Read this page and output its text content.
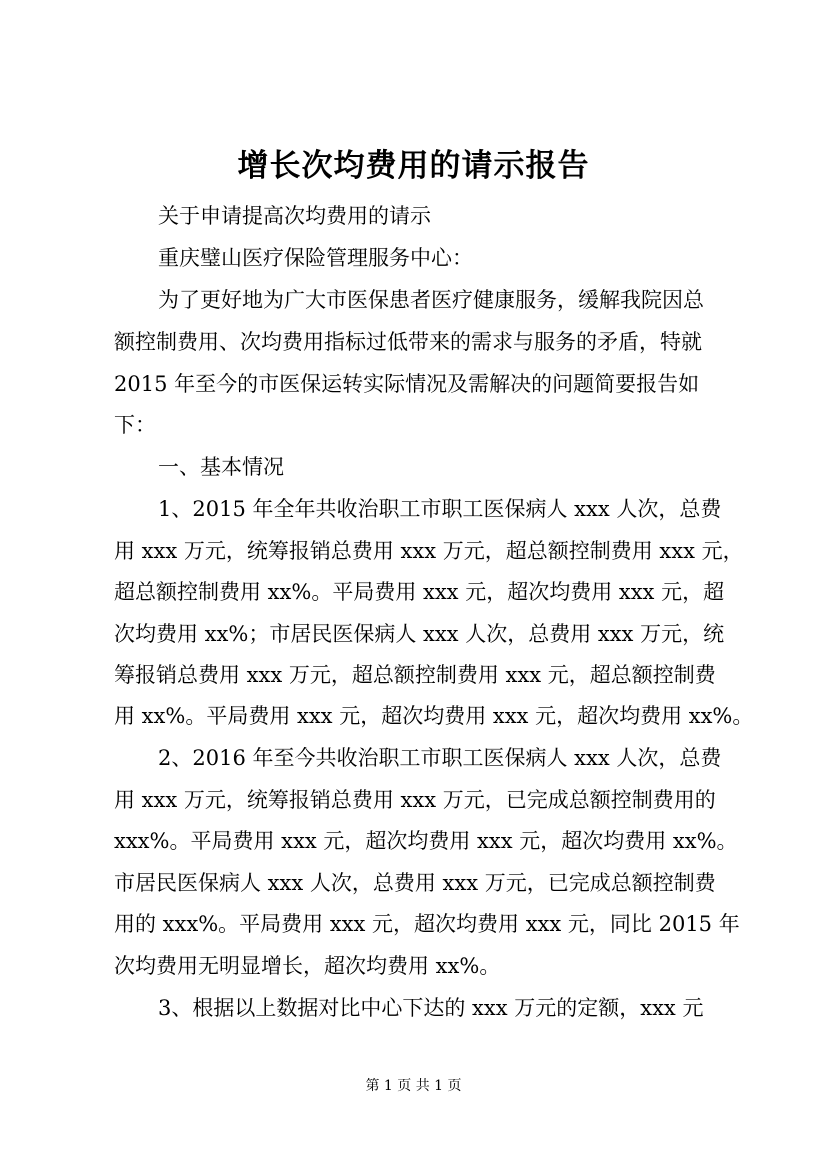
增长次均费用的请示报告
关于申请提高次均费用的请示
重庆璧山医疗保险管理服务中心：
为了更好地为广大市医保患者医疗健康服务，缓解我院因总
额控制费用、次均费用指标过低带来的需求与服务的矛盾，特就
2015 年至今的市医保运转实际情况及需解决的问题简要报告如
下：
一、基本情况
1、2015 年全年共收治职工市职工医保病人 xxx 人次，总费
用 xxx 万元，统筹报销总费用 xxx 万元，超总额控制费用 xxx 元，
超总额控制费用 xx%。平局费用 xxx 元，超次均费用 xxx 元，超
次均费用 xx%；市居民医保病人 xxx 人次，总费用 xxx 万元，统
筹报销总费用 xxx 万元，超总额控制费用 xxx 元，超总额控制费
用 xx%。平局费用 xxx 元，超次均费用 xxx 元，超次均费用 xx%。
2、2016 年至今共收治职工市职工医保病人 xxx 人次，总费
用 xxx 万元，统筹报销总费用 xxx 万元，已完成总额控制费用的
xxx%。平局费用 xxx 元，超次均费用 xxx 元，超次均费用 xx%。
市居民医保病人 xxx 人次，总费用 xxx 万元，已完成总额控制费
用的 xxx%。平局费用 xxx 元，超次均费用 xxx 元，同比 2015 年
次均费用无明显增长，超次均费用 xx%。
3、根据以上数据对比中心下达的 xxx 万元的定额，xxx 元
第 1 页 共 1 页
